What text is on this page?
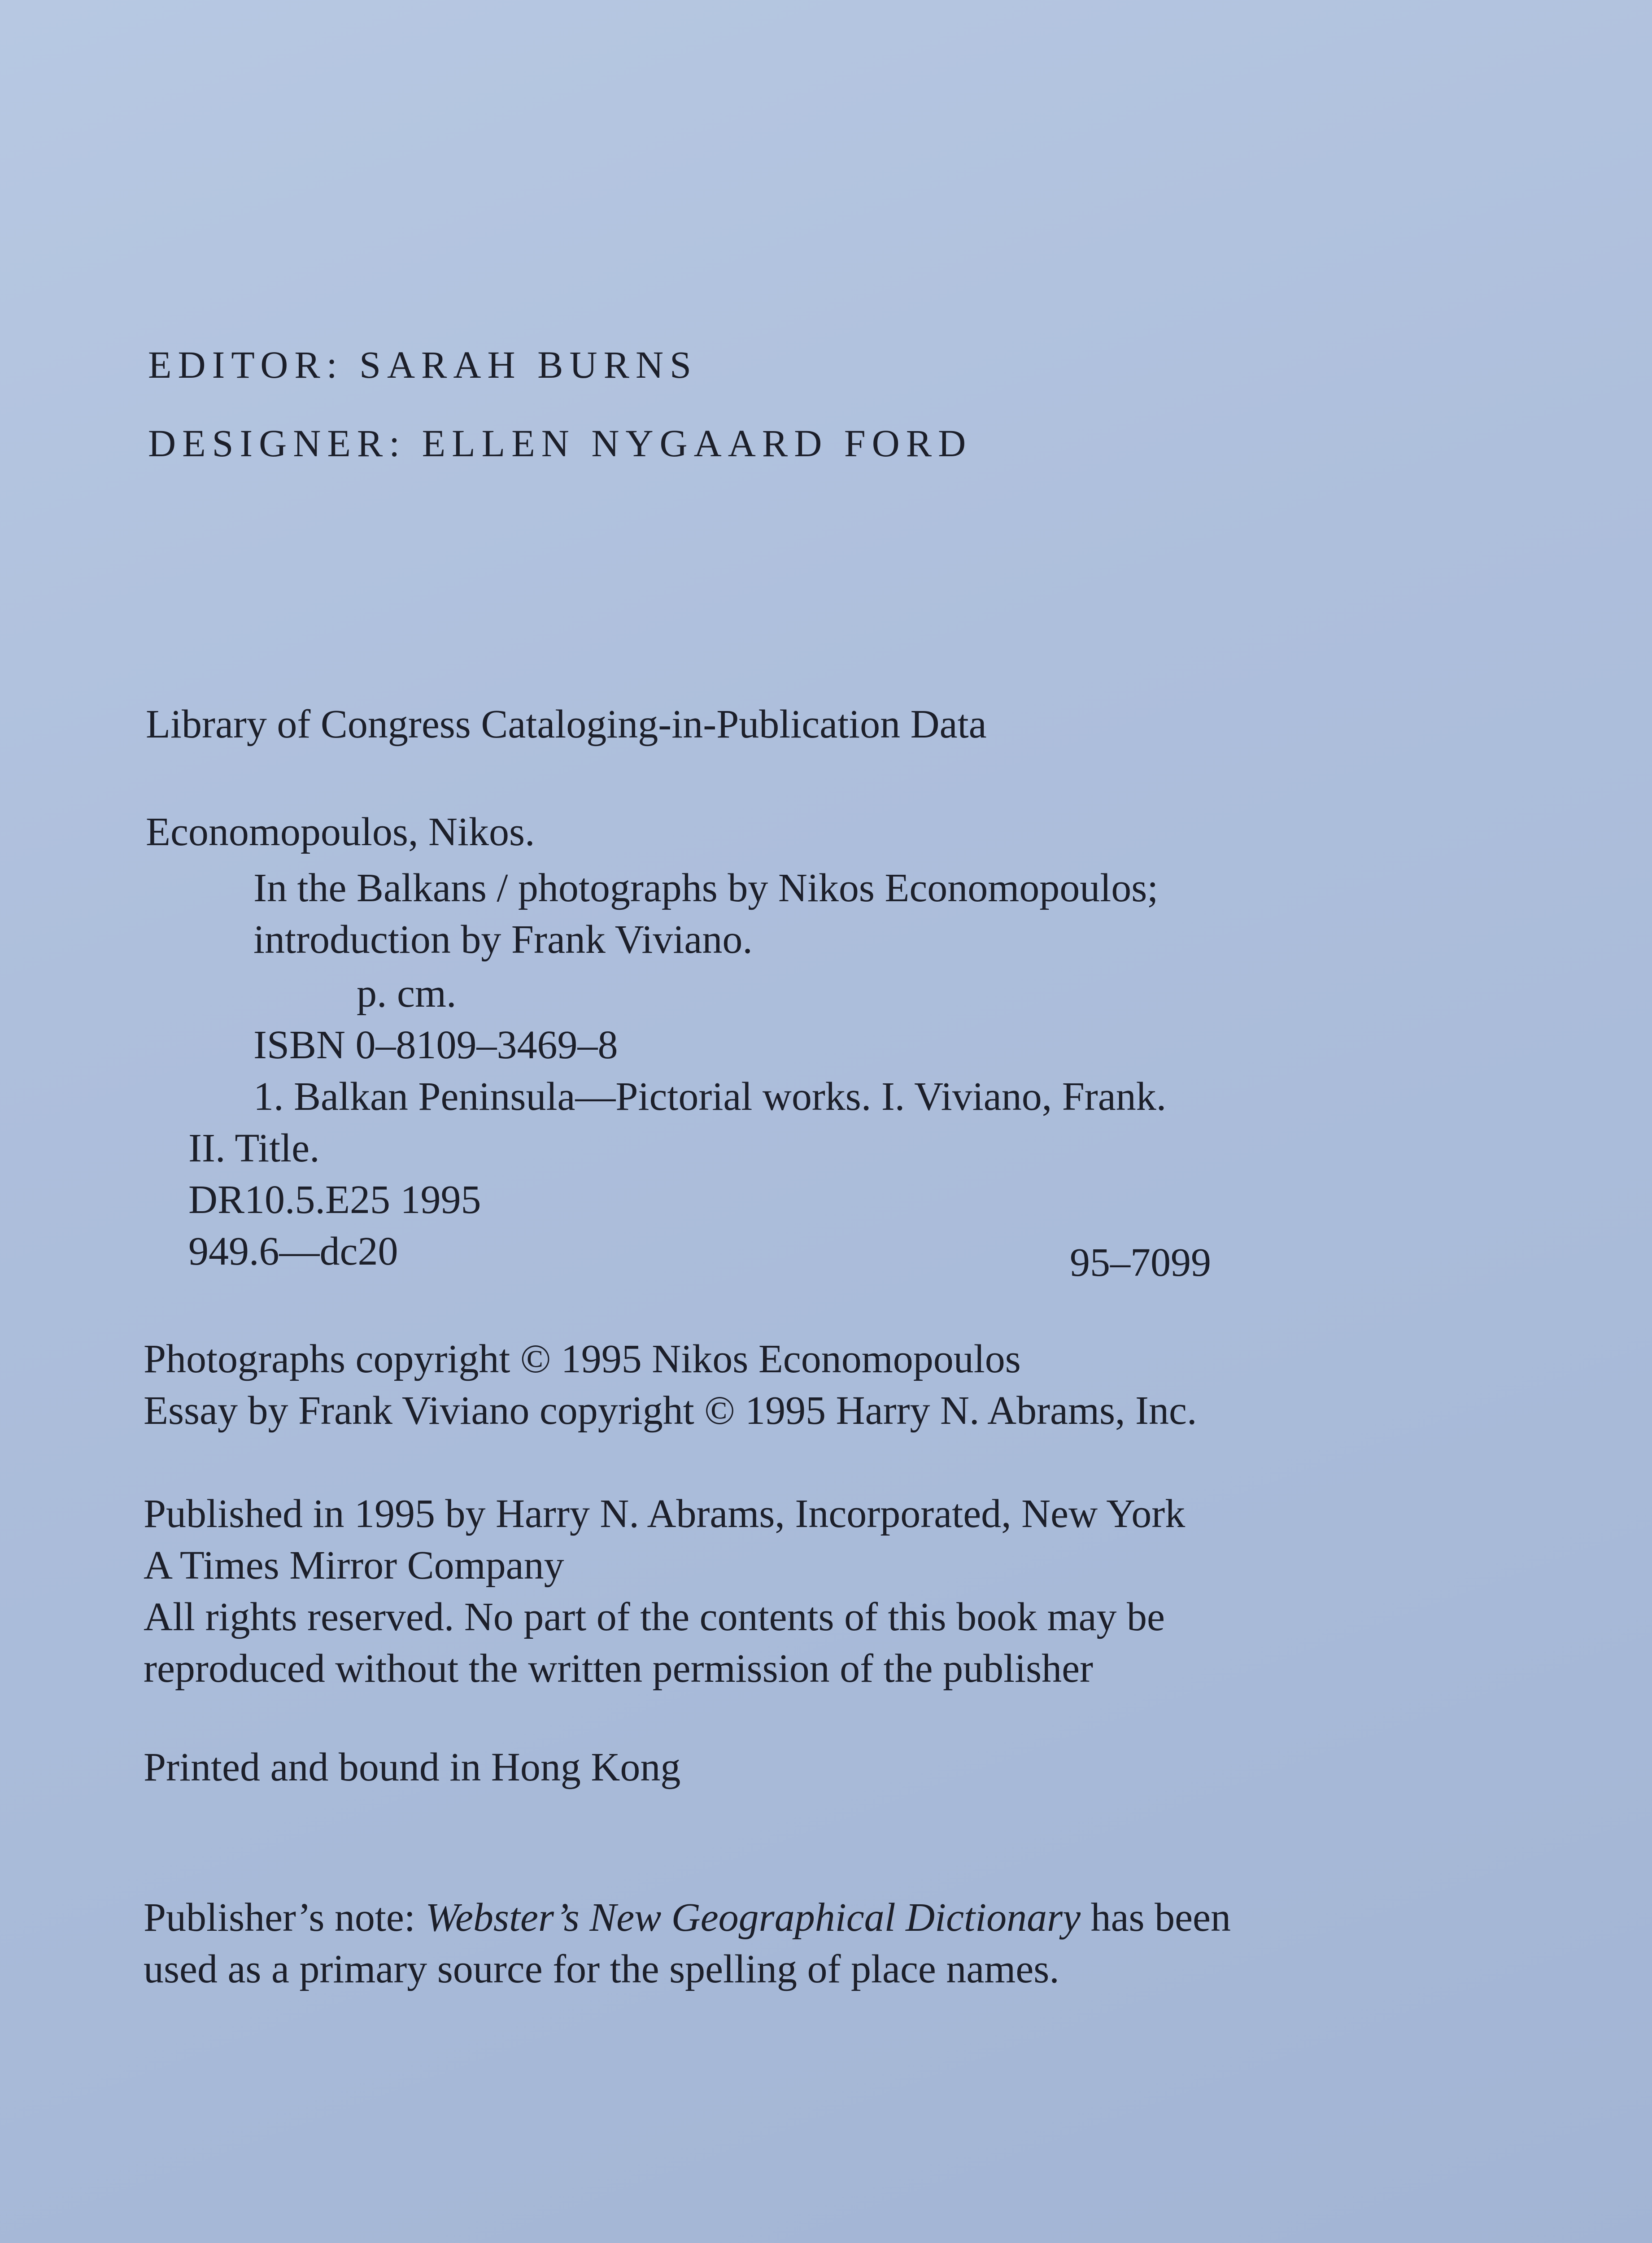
EDITOR: SARAH BURNS
DESIGNER: ELLEN NYGAARD FORD
Library of Congress Cataloging-in-Publication Data
Economopoulos, Nikos.
In the Balkans / photographs by Nikos Economopoulos;
introduction by Frank Viviano.
p. cm.
ISBN 0–8109–3469–8
1. Balkan Peninsula—Pictorial works. I. Viviano, Frank.
II. Title.
DR10.5.E25 1995
949.6—dc20	95–7099
Photographs copyright © 1995 Nikos Economopoulos
Essay by Frank Viviano copyright © 1995 Harry N. Abrams, Inc.
Published in 1995 by Harry N. Abrams, Incorporated, New York
A Times Mirror Company
All rights reserved. No part of the contents of this book may be
reproduced without the written permission of the publisher
Printed and bound in Hong Kong
Publisher’s note: Webster’s New Geographical Dictionary has been
used as a primary source for the spelling of place names.
